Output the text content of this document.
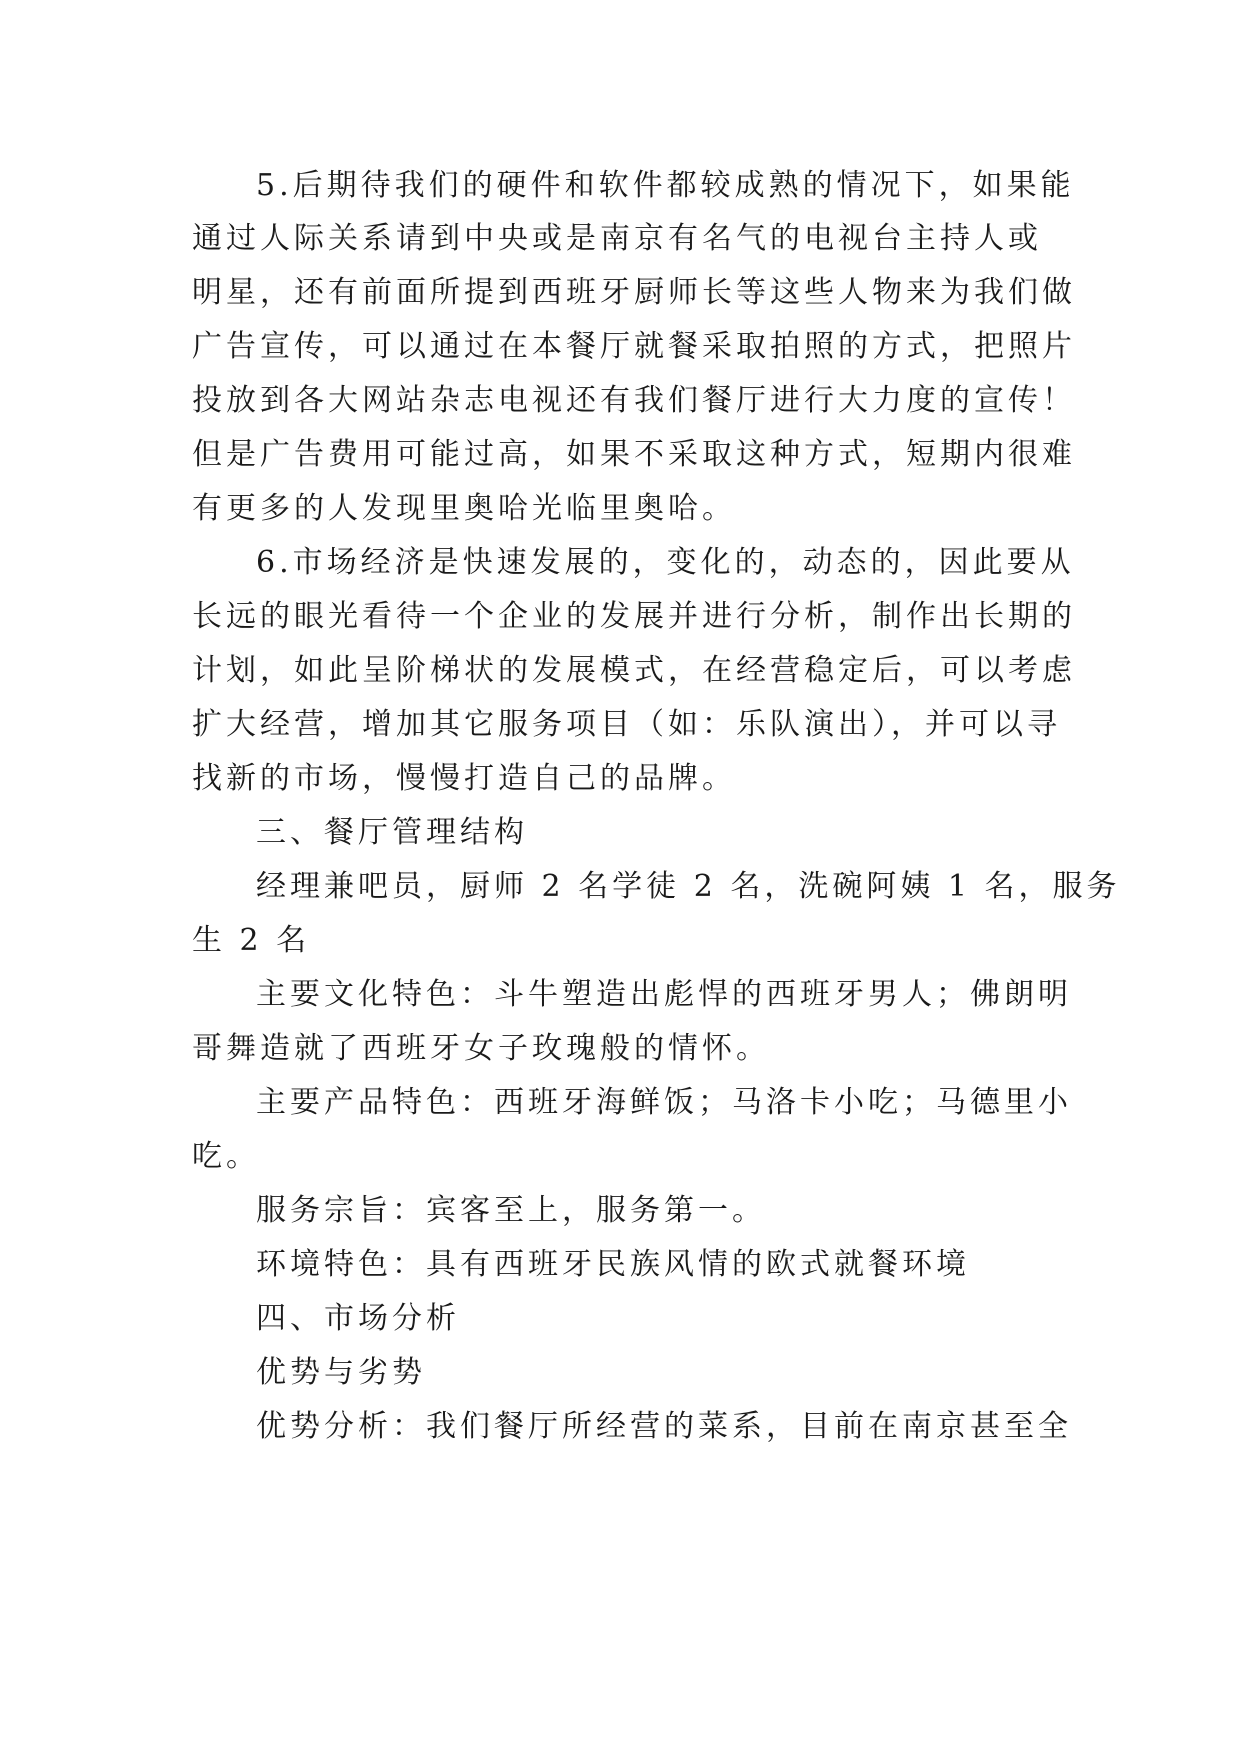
5.后期待我们的硬件和软件都较成熟的情况下，如果能
通过人际关系请到中央或是南京有名气的电视台主持人或
明星，还有前面所提到西班牙厨师长等这些人物来为我们做
广告宣传，可以通过在本餐厅就餐采取拍照的方式，把照片
投放到各大网站杂志电视还有我们餐厅进行大力度的宣传！
但是广告费用可能过高，如果不采取这种方式，短期内很难
有更多的人发现里奥哈光临里奥哈。
6.市场经济是快速发展的，变化的，动态的，因此要从
长远的眼光看待一个企业的发展并进行分析，制作出长期的
计划，如此呈阶梯状的发展模式，在经营稳定后，可以考虑
扩大经营，增加其它服务项目（如：乐队演出），并可以寻
找新的市场，慢慢打造自己的品牌。
三、餐厅管理结构
经理兼吧员，厨师 2 名学徒 2 名，洗碗阿姨 1 名，服务
生 2 名
主要文化特色：斗牛塑造出彪悍的西班牙男人；佛朗明
哥舞造就了西班牙女子玫瑰般的情怀。
主要产品特色：西班牙海鲜饭；马洛卡小吃；马德里小
吃。
服务宗旨：宾客至上，服务第一。
环境特色：具有西班牙民族风情的欧式就餐环境
四、市场分析
优势与劣势
优势分析：我们餐厅所经营的菜系，目前在南京甚至全
